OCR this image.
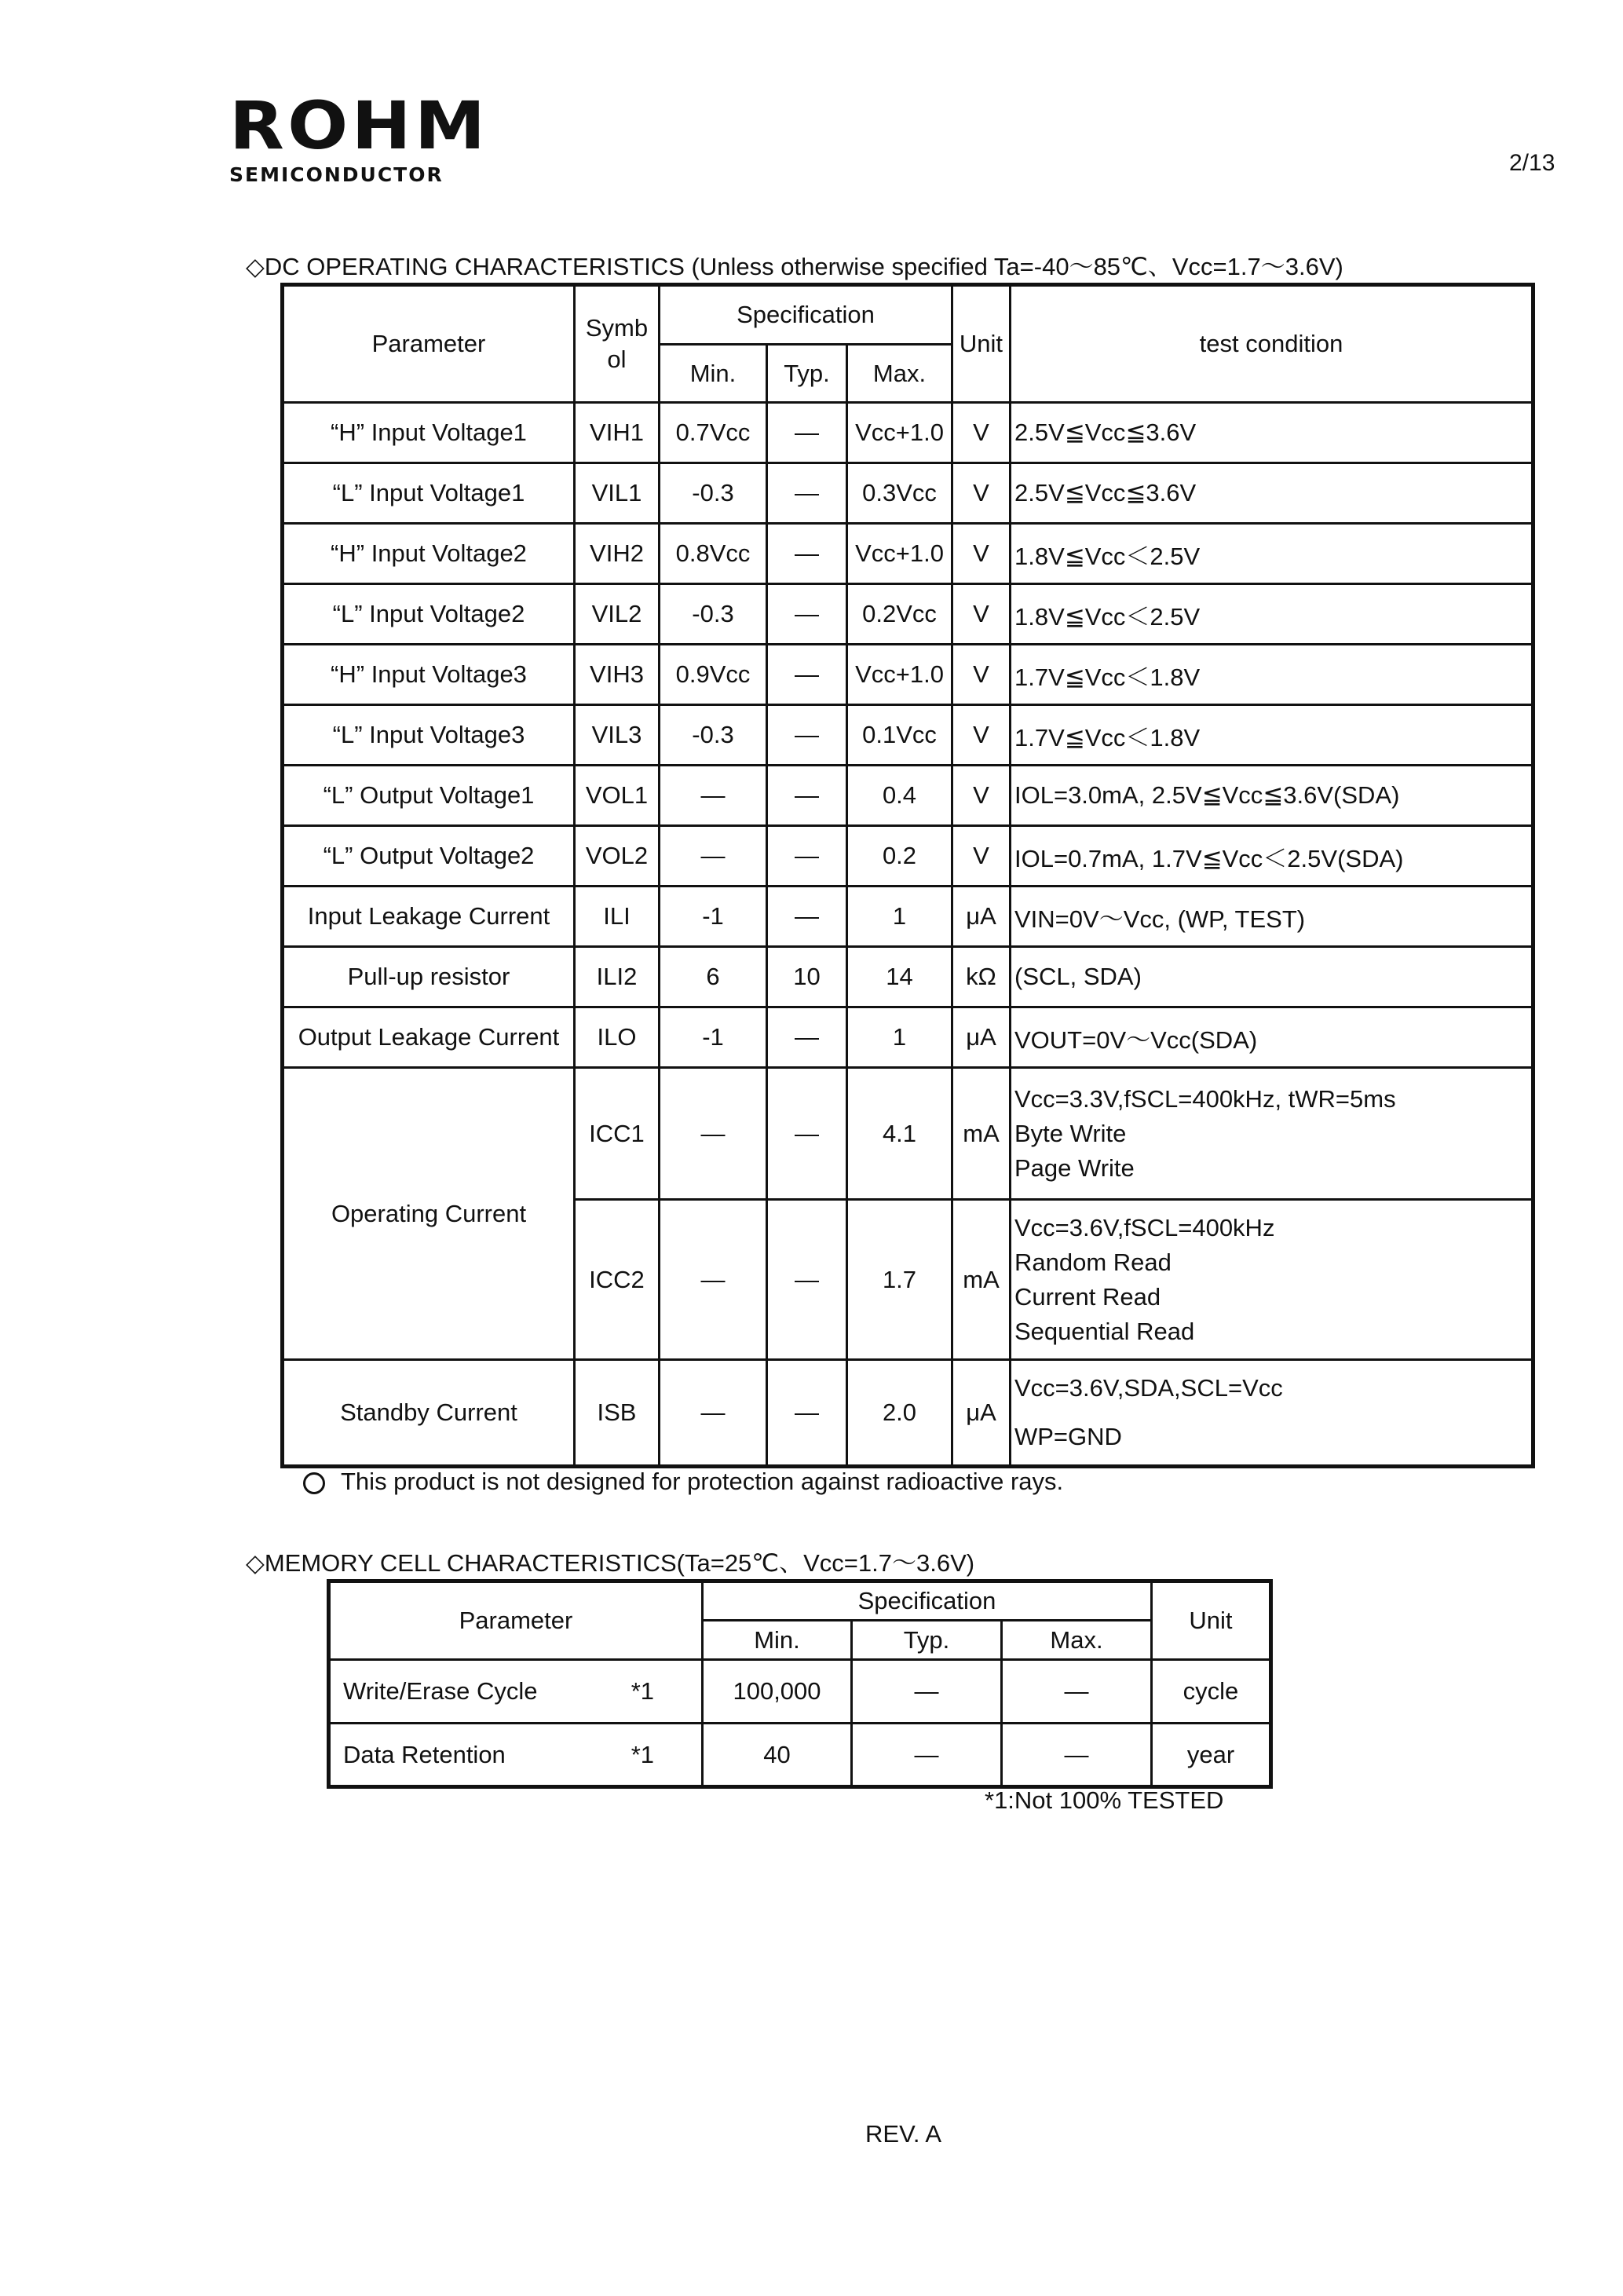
ROHM
SEMICONDUCTOR	2/13
◇DC OPERATING CHARACTERISTICS (Unless otherwise specified Ta=-40～85℃、Vcc=1.7～3.6V)
Parameter	Symb ol	Specification			Unit	test condition
		Min.	Typ.	Max.		
“H” Input Voltage1	VIH1	0.7Vcc	—	Vcc+1.0	V	2.5V≦Vcc≦3.6V
“L” Input Voltage1	VIL1	-0.3	—	0.3Vcc	V	2.5V≦Vcc≦3.6V
“H” Input Voltage2	VIH2	0.8Vcc	—	Vcc+1.0	V	1.8V≦Vcc＜2.5V
“L” Input Voltage2	VIL2	-0.3	—	0.2Vcc	V	1.8V≦Vcc＜2.5V
“H” Input Voltage3	VIH3	0.9Vcc	—	Vcc+1.0	V	1.7V≦Vcc＜1.8V
“L” Input Voltage3	VIL3	-0.3	—	0.1Vcc	V	1.7V≦Vcc＜1.8V
“L” Output Voltage1	VOL1	—	—	0.4	V	IOL=3.0mA, 2.5V≦Vcc≦3.6V(SDA)
“L” Output Voltage2	VOL2	—	—	0.2	V	IOL=0.7mA, 1.7V≦Vcc＜2.5V(SDA)
Input Leakage Current	ILI	-1	—	1	μA	VIN=0V～Vcc, (WP, TEST)
Pull-up resistor	ILI2	6	10	14	kΩ	(SCL, SDA)
Output Leakage Current	ILO	-1	—	1	μA	VOUT=0V～Vcc(SDA)
Operating Current	ICC1	—	—	4.1	mA	Vcc=3.3V,fSCL=400kHz, tWR=5ms
Byte Write
Page Write

	ICC2	—	—	1.7	mA	Vcc=3.6V,fSCL=400kHz
Random Read
Current Read
Sequential Read

Standby Current	ISB	—	—	2.0	μA	Vcc=3.6V,SDA,SCL=Vcc
WP=GND
This product is not designed for protection against radioactive rays.
◇MEMORY CELL CHARACTERISTICS(Ta=25℃、Vcc=1.7～3.6V)
Parameter	Specification			Unit
	Min.	Typ.	Max.	

Write/Erase Cycle *1	100,000	—	—	cycle

Data Retention *1	40	—	—	year
*1:Not 100% TESTED
REV. A
